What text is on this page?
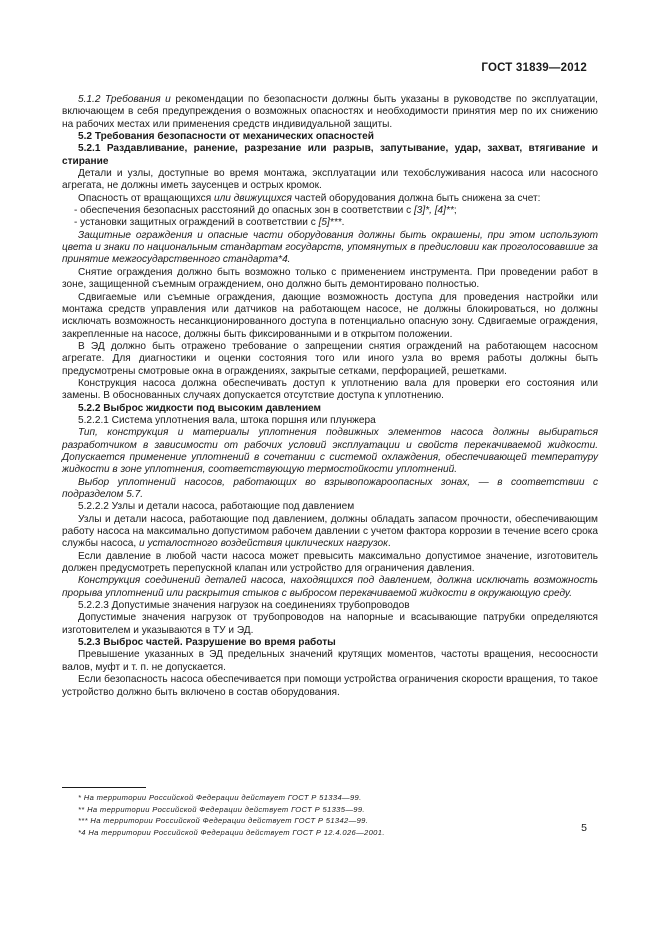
ГОСТ 31839—2012

5.1.2 Требования и рекомендации по безопасности должны быть указаны в руководстве по эксплуатации, включающем в себя предупреждения о возможных опасностях и необходимости принятия мер по их снижению на рабочих местах или применения средств индивидуальной защиты.

5.2 Требования безопасности от механических опасностей

5.2.1 Раздавливание, ранение, разрезание или разрыв, запутывание, удар, захват, втягивание и стирание

Детали и узлы, доступные во время монтажа, эксплуатации или техобслуживания насоса или насосного агрегата, не должны иметь заусенцев и острых кромок.

Опасность от вращающихся или движущихся частей оборудования должна быть снижена за счет:

- обеспечения безопасных расстояний до опасных зон в соответствии с [3]*, [4]**;

- установки защитных ограждений в соответствии с [5]***.

Защитные ограждения и опасные части оборудования должны быть окрашены, при этом используют цвета и знаки по национальным стандартам государств, упомянутых в предисловии как проголосовавшие за принятие межгосударственного стандарта*4.

Снятие ограждения должно быть возможно только с применением инструмента. При проведении работ в зоне, защищенной съемным ограждением, оно должно быть демонтировано полностью.

Сдвигаемые или съемные ограждения, дающие возможность доступа для проведения настройки или монтажа средств управления или датчиков на работающем насосе, не должны блокироваться, но должны исключать возможность несанкционированного доступа в потенциально опасную зону. Сдвигаемые ограждения, закрепленные на насосе, должны быть фиксированными и в открытом положении.

В ЭД должно быть отражено требование о запрещении снятия ограждений на работающем насосном агрегате. Для диагностики и оценки состояния того или иного узла во время работы должны быть предусмотрены смотровые окна в ограждениях, закрытые сетками, перфорацией, решетками.

Конструкция насоса должна обеспечивать доступ к уплотнению вала для проверки его состояния или замены. В обоснованных случаях допускается отсутствие доступа к уплотнению.

5.2.2 Выброс жидкости под высоким давлением

5.2.2.1 Система уплотнения вала, штока поршня или плунжера

Тип, конструкция и материалы уплотнения подвижных элементов насоса должны выбираться разработчиком в зависимости от рабочих условий эксплуатации и свойств перекачиваемой жидкости. Допускается применение уплотнений в сочетании с системой охлаждения, обеспечивающей температуру жидкости в зоне уплотнения, соответствующую термостойкости уплотнений.

Выбор уплотнений насосов, работающих во взрывопожароопасных зонах, — в соответствии с подразделом 5.7.

5.2.2.2 Узлы и детали насоса, работающие под давлением

Узлы и детали насоса, работающие под давлением, должны обладать запасом прочности, обеспечивающим работу насоса на максимально допустимом рабочем давлении с учетом фактора коррозии в течение всего срока службы насоса, и усталостного воздействия циклических нагрузок.

Если давление в любой части насоса может превысить максимально допустимое значение, изготовитель должен предусмотреть перепускной клапан или устройство для ограничения давления.

Конструкция соединений деталей насоса, находящихся под давлением, должна исключать возможность прорыва уплотнений или раскрытия стыков с выбросом перекачиваемой жидкости в окружающую среду.

5.2.2.3 Допустимые значения нагрузок на соединениях трубопроводов

Допустимые значения нагрузок от трубопроводов на напорные и всасывающие патрубки определяются изготовителем и указываются в ТУ и ЭД.

5.2.3 Выброс частей. Разрушение во время работы

Превышение указанных в ЭД предельных значений крутящих моментов, частоты вращения, несоосности валов, муфт и т. п. не допускается.

Если безопасность насоса обеспечивается при помощи устройства ограничения скорости вращения, то такое устройство должно быть включено в состав оборудования.

* На территории Российской Федерации действует ГОСТ Р 51334—99.

** На территории Российской Федерации действует ГОСТ Р 51335—99.

*** На территории Российской Федерации действует ГОСТ Р 51342—99.

*4 На территории Российской Федерации действует ГОСТ Р 12.4.026—2001.	5
